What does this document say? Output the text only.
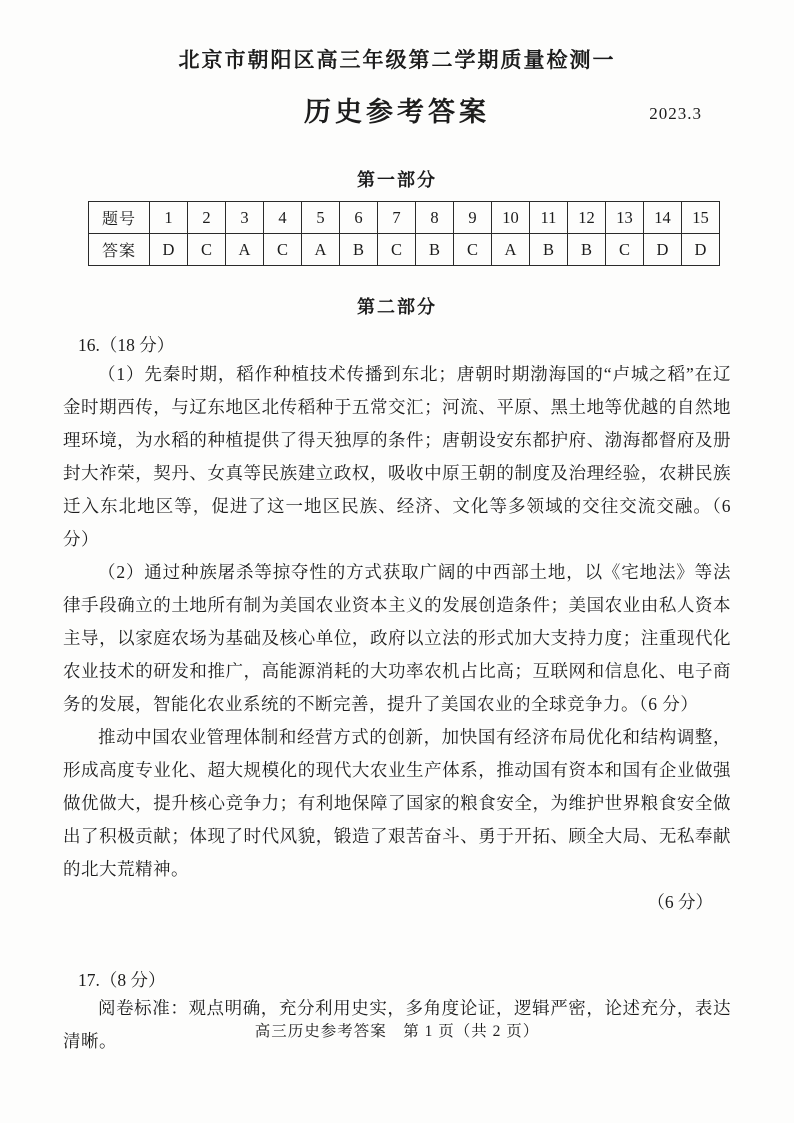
北京市朝阳区高三年级第二学期质量检测一

历史参考答案	2023.3

第一部分

题号	1	2	3	4	5	6	7	8	9	10	11	12	13	14	15
答案	D	C	A	C	A	B	C	B	C	A	B	B	C	D	D

第二部分

16.（18 分）

（1）先秦时期，稻作种植技术传播到东北；唐朝时期渤海国的“卢城之稻”在辽金时期西传，与辽东地区北传稻种于五常交汇；河流、平原、黑土地等优越的自然地理环境，为水稻的种植提供了得天独厚的条件；唐朝设安东都护府、渤海都督府及册封大祚荣，契丹、女真等民族建立政权，吸收中原王朝的制度及治理经验，农耕民族迁入东北地区等，促进了这一地区民族、经济、文化等多领域的交往交流交融。（6 分）

（2）通过种族屠杀等掠夺性的方式获取广阔的中西部土地，以《宅地法》等法律手段确立的土地所有制为美国农业资本主义的发展创造条件；美国农业由私人资本主导，以家庭农场为基础及核心单位，政府以立法的形式加大支持力度；注重现代化农业技术的研发和推广，高能源消耗的大功率农机占比高；互联网和信息化、电子商务的发展，智能化农业系统的不断完善，提升了美国农业的全球竞争力。（6 分）

推动中国农业管理体制和经营方式的创新，加快国有经济布局优化和结构调整，形成高度专业化、超大规模化的现代大农业生产体系，推动国有资本和国有企业做强做优做大，提升核心竞争力；有利地保障了国家的粮食安全，为维护世界粮食安全做出了积极贡献；体现了时代风貌，锻造了艰苦奋斗、勇于开拓、顾全大局、无私奉献的北大荒精神。

（6 分）

17.（8 分）

阅卷标准：观点明确，充分利用史实，多角度论证，逻辑严密，论述充分，表达清晰。	高三历史参考答案　第 1 页（共 2 页）
